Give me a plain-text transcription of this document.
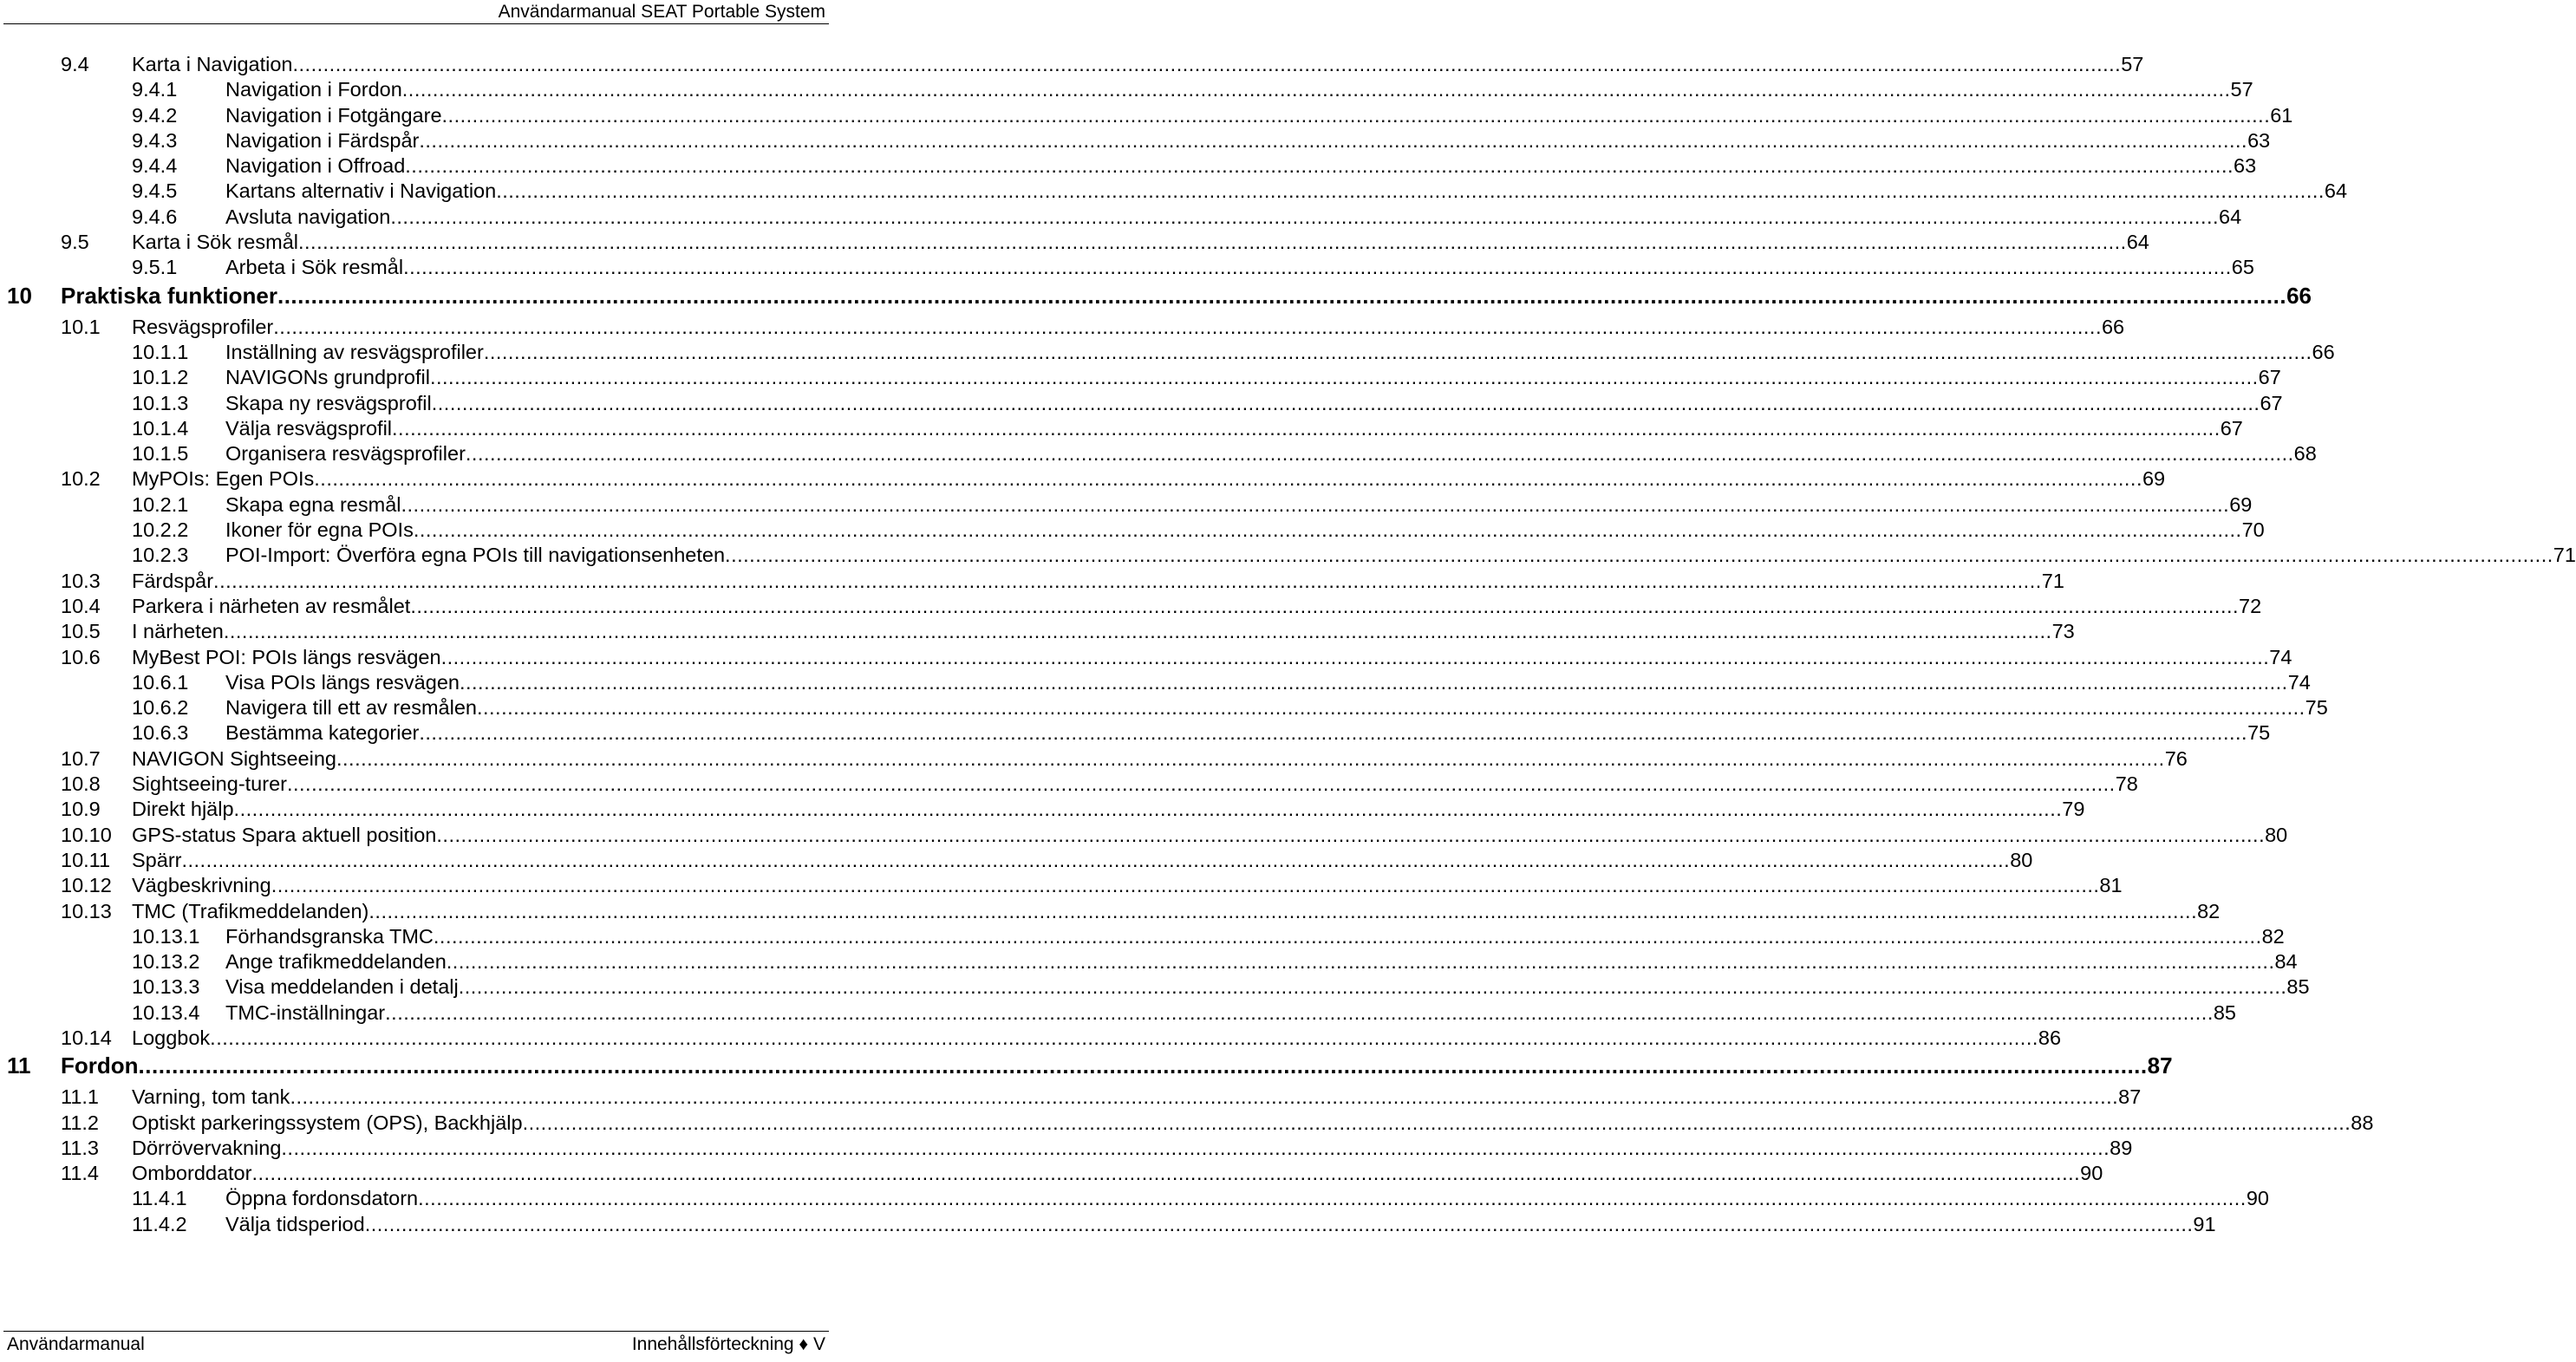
Användarmanual SEAT Portable System
9.4 Karta i Navigation ............................................................................................................................................................................................................................................................................................................ 57
9.4.1 Navigation i Fordon ............................................................................................................................................................................................................................................................................................................ 57
9.4.2 Navigation i Fotgängare ............................................................................................................................................................................................................................................................................................................ 61
9.4.3 Navigation i Färdspår ............................................................................................................................................................................................................................................................................................................ 63
9.4.4 Navigation i Offroad ............................................................................................................................................................................................................................................................................................................ 63
9.4.5 Kartans alternativ i Navigation ............................................................................................................................................................................................................................................................................................................ 64
9.4.6 Avsluta navigation ............................................................................................................................................................................................................................................................................................................ 64
9.5 Karta i Sök resmål ............................................................................................................................................................................................................................................................................................................ 64
9.5.1 Arbeta i Sök resmål ............................................................................................................................................................................................................................................................................................................ 65
10 Praktiska funktioner ............................................................................................................................................................................................................................................................................................................ 66
10.1 Resvägsprofiler ............................................................................................................................................................................................................................................................................................................ 66
10.1.1 Inställning av resvägsprofiler ............................................................................................................................................................................................................................................................................................................ 66
10.1.2 NAVIGONs grundprofil ............................................................................................................................................................................................................................................................................................................ 67
10.1.3 Skapa ny resvägsprofil ............................................................................................................................................................................................................................................................................................................ 67
10.1.4 Välja resvägsprofil ............................................................................................................................................................................................................................................................................................................ 67
10.1.5 Organisera resvägsprofiler ............................................................................................................................................................................................................................................................................................................ 68
10.2 MyPOIs: Egen POIs ............................................................................................................................................................................................................................................................................................................ 69
10.2.1 Skapa egna resmål ............................................................................................................................................................................................................................................................................................................ 69
10.2.2 Ikoner för egna POIs ............................................................................................................................................................................................................................................................................................................ 70
10.2.3 POI-Import: Överföra egna POIs till navigationsenheten ............................................................................................................................................................................................................................................................................................................ 71
10.3 Färdspår ............................................................................................................................................................................................................................................................................................................ 71
10.4 Parkera i närheten av resmålet ............................................................................................................................................................................................................................................................................................................ 72
10.5 I närheten ............................................................................................................................................................................................................................................................................................................ 73
10.6 MyBest POI: POIs längs resvägen ............................................................................................................................................................................................................................................................................................................ 74
10.6.1 Visa POIs längs resvägen ............................................................................................................................................................................................................................................................................................................ 74
10.6.2 Navigera till ett av resmålen ............................................................................................................................................................................................................................................................................................................ 75
10.6.3 Bestämma kategorier ............................................................................................................................................................................................................................................................................................................ 75
10.7 NAVIGON Sightseeing ............................................................................................................................................................................................................................................................................................................ 76
10.8 Sightseeing-turer ............................................................................................................................................................................................................................................................................................................ 78
10.9 Direkt hjälp ............................................................................................................................................................................................................................................................................................................ 79
10.10 GPS-status Spara aktuell position ............................................................................................................................................................................................................................................................................................................ 80
10.11 Spärr ............................................................................................................................................................................................................................................................................................................ 80
10.12 Vägbeskrivning ............................................................................................................................................................................................................................................................................................................ 81
10.13 TMC (Trafikmeddelanden) ............................................................................................................................................................................................................................................................................................................ 82
10.13.1 Förhandsgranska TMC ............................................................................................................................................................................................................................................................................................................ 82
10.13.2 Ange trafikmeddelanden ............................................................................................................................................................................................................................................................................................................ 84
10.13.3 Visa meddelanden i detalj ............................................................................................................................................................................................................................................................................................................ 85
10.13.4 TMC-inställningar ............................................................................................................................................................................................................................................................................................................ 85
10.14 Loggbok ............................................................................................................................................................................................................................................................................................................ 86
11 Fordon ............................................................................................................................................................................................................................................................................................................ 87
11.1 Varning, tom tank ............................................................................................................................................................................................................................................................................................................ 87
11.2 Optiskt parkeringssystem (OPS), Backhjälp ............................................................................................................................................................................................................................................................................................................ 88
11.3 Dörrövervakning ............................................................................................................................................................................................................................................................................................................ 89
11.4 Omborddator ............................................................................................................................................................................................................................................................................................................ 90
11.4.1 Öppna fordonsdatorn ............................................................................................................................................................................................................................................................................................................ 90
11.4.2 Välja tidsperiod ............................................................................................................................................................................................................................................................................................................ 91
Användarmanual	Innehållsförteckning ♦ V
